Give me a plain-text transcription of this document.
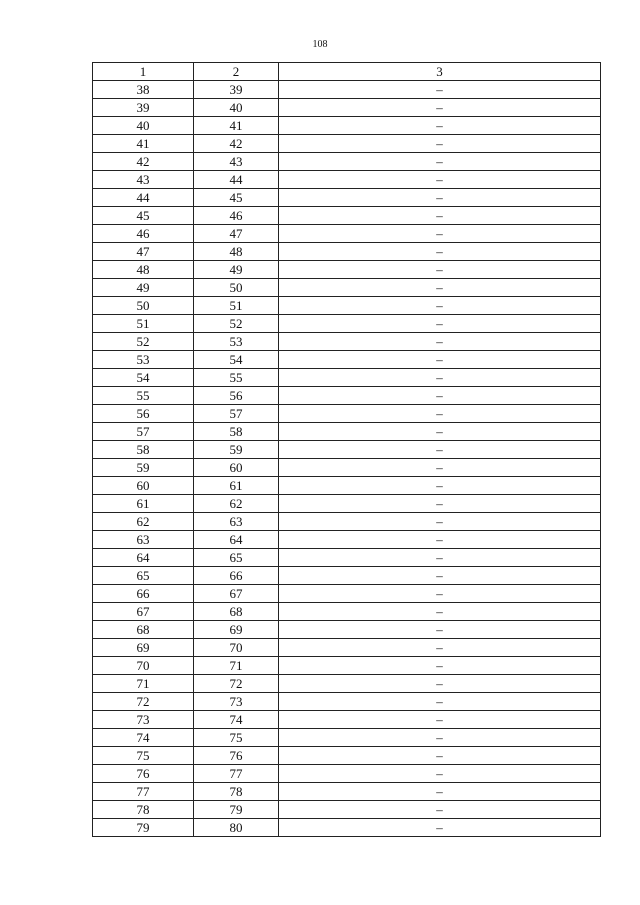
108
1	2	3
38	39	–
39	40	–
40	41	–
41	42	–
42	43	–
43	44	–
44	45	–
45	46	–
46	47	–
47	48	–
48	49	–
49	50	–
50	51	–
51	52	–
52	53	–
53	54	–
54	55	–
55	56	–
56	57	–
57	58	–
58	59	–
59	60	–
60	61	–
61	62	–
62	63	–
63	64	–
64	65	–
65	66	–
66	67	–
67	68	–
68	69	–
69	70	–
70	71	–
71	72	–
72	73	–
73	74	–
74	75	–
75	76	–
76	77	–
77	78	–
78	79	–
79	80	–
